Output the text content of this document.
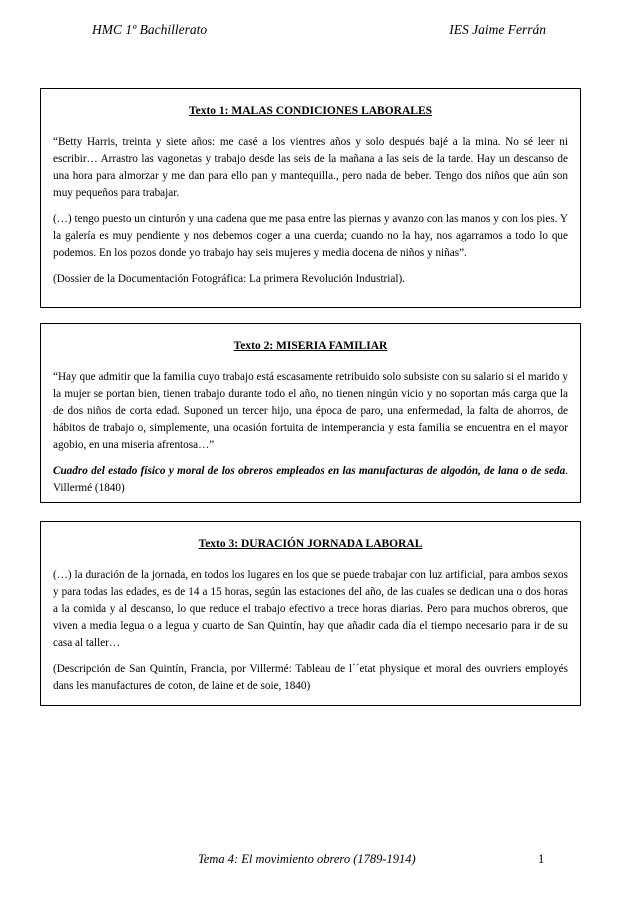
HMC 1º Bachillerato	IES Jaime Ferrán
Texto 1: MALAS CONDICIONES LABORALES

“Betty Harris, treinta y siete años: me casé a los vientres años y solo después bajé a la mina. No sé leer ni escribir… Arrastro las vagonetas y trabajo desde las seis de la mañana a las seis de la tarde. Hay un descanso de una hora para almorzar y me dan para ello pan y mantequilla., pero nada de beber. Tengo dos niños que aún son muy pequeños para trabajar.

(…) tengo puesto un cinturón y una cadena que me pasa entre las piernas y avanzo con las manos y con los pies. Y la galería es muy pendiente y nos debemos coger a una cuerda; cuando no la hay, nos agarramos a todo lo que podemos. En los pozos donde yo trabajo hay seis mujeres y media docena de niños y niñas”.

(Dossier de la Documentación Fotográfica: La primera Revolución Industrial).

Texto 2: MISERIA FAMILIAR

“Hay que admitir que la familia cuyo trabajo está escasamente retribuido solo subsiste con su salario si el marido y la mujer se portan bien, tienen trabajo durante todo el año, no tienen ningún vicio y no soportan más carga que la de dos niños de corta edad. Suponed un tercer hijo, una época de paro, una enfermedad, la falta de ahorros, de hábitos de trabajo o, simplemente, una ocasión fortuita de intemperancia y esta familia se encuentra en el mayor agobio, en una miseria afrentosa…”

Cuadro del estado físico y moral de los obreros empleados en las manufacturas de algodón, de lana o de seda. Villermé (1840)

Texto 3: DURACIÓN JORNADA LABORAL

(…) la duración de la jornada, en todos los lugares en los que se puede trabajar con luz artificial, para ambos sexos y para todas las edades, es de 14 a 15 horas, según las estaciones del año, de las cuales se dedican una o dos horas a la comida y al descanso, lo que reduce el trabajo efectivo a trece horas diarias. Pero para muchos obreros, que viven a media legua o a legua y cuarto de San Quintín, hay que añadir cada día el tiempo necesario para ir de su casa al taller…

(Descripción de San Quintín, Francia, por Villermé: Tableau de l´´etat physique et moral des ouvriers employés dans les manufactures de coton, de laine et de soie, 1840)

Tema 4: El movimiento obrero (1789-1914)	1
